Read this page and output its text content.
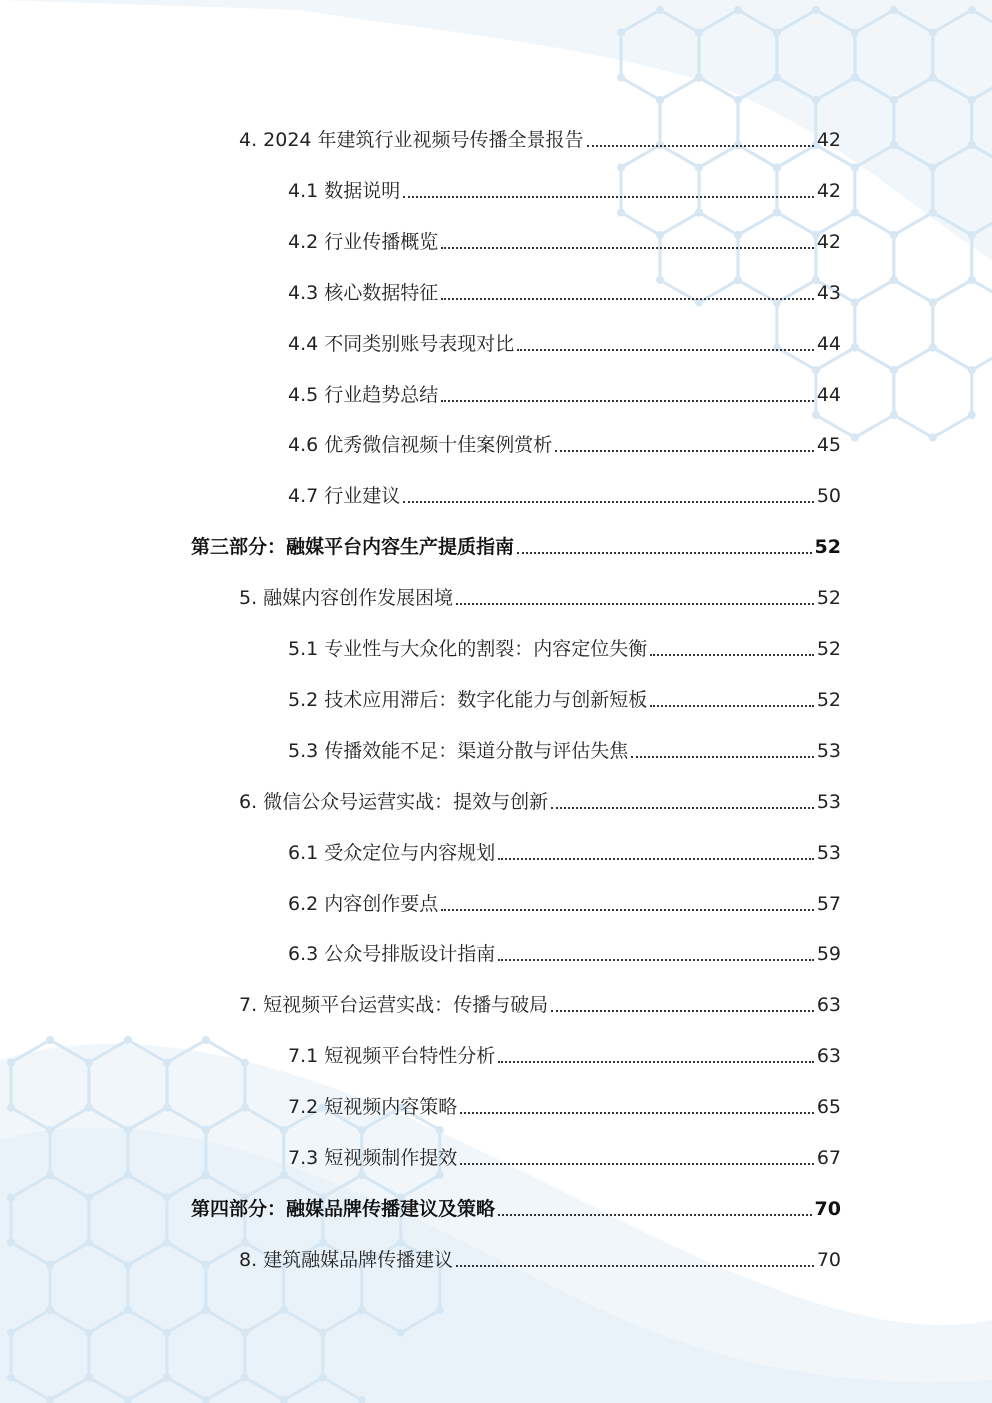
4. 2024 年建筑行业视频号传播全景报告	42
4.1 数据说明	42
4.2 行业传播概览	42
4.3 核心数据特征	43
4.4 不同类别账号表现对比	44
4.5 行业趋势总结	44
4.6 优秀微信视频十佳案例赏析	45
4.7 行业建议	50
第三部分：融媒平台内容生产提质指南	52
5. 融媒内容创作发展困境	52
5.1 专业性与大众化的割裂：内容定位失衡	52
5.2 技术应用滞后：数字化能力与创新短板	52
5.3 传播效能不足：渠道分散与评估失焦	53
6. 微信公众号运营实战：提效与创新	53
6.1 受众定位与内容规划	53
6.2 内容创作要点	57
6.3 公众号排版设计指南	59
7. 短视频平台运营实战：传播与破局	63
7.1 短视频平台特性分析	63
7.2 短视频内容策略	65
7.3 短视频制作提效	67
第四部分：融媒品牌传播建议及策略	70
8. 建筑融媒品牌传播建议	70
